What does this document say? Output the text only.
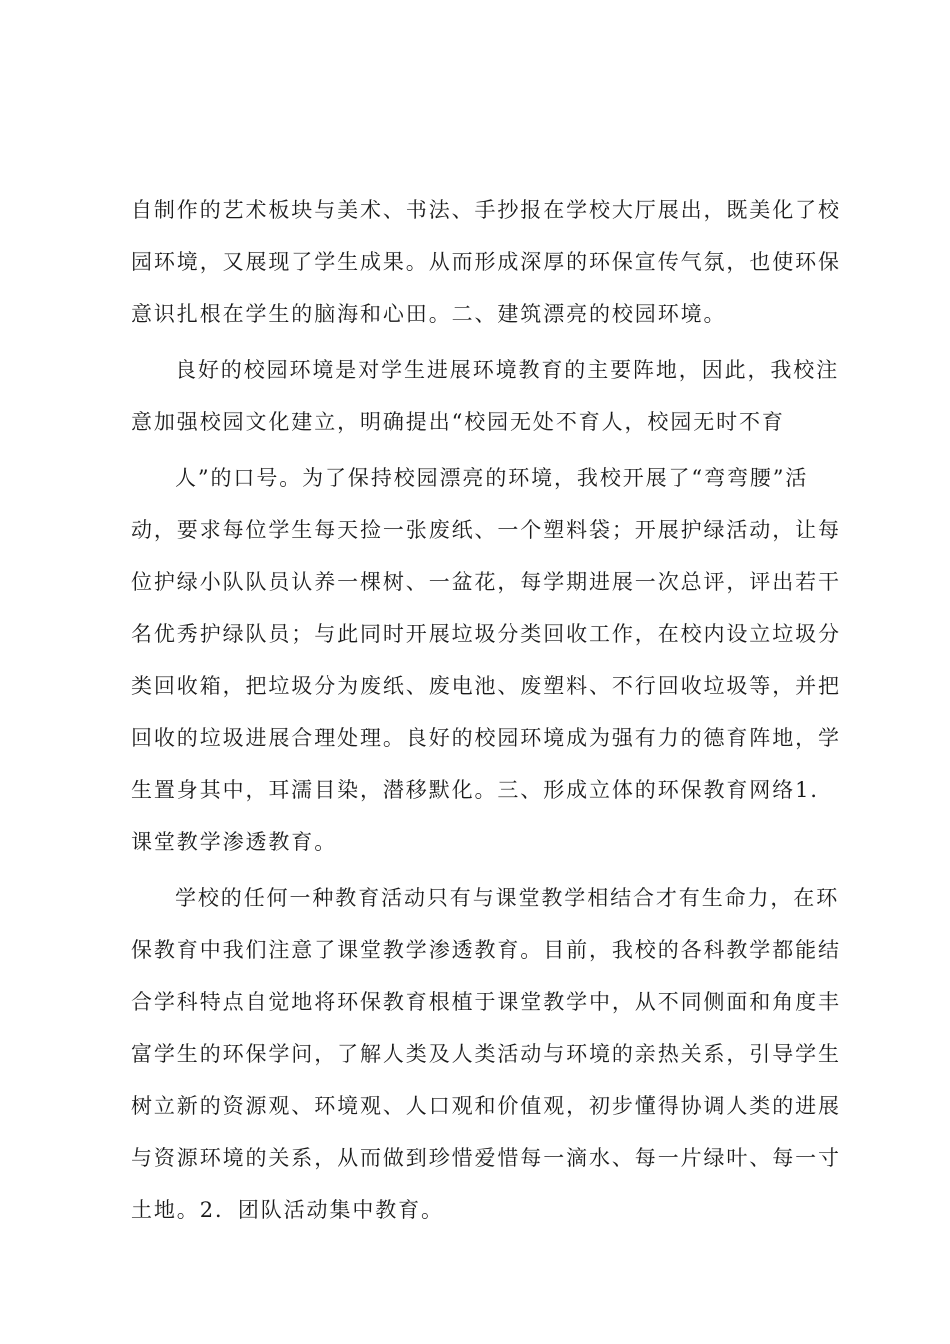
自制作的艺术板块与美术、书法、手抄报在学校大厅展出，既美化了校
园环境，又展现了学生成果。从而形成深厚的环保宣传气氛，也使环保
意识扎根在学生的脑海和心田。二、建筑漂亮的校园环境。
良好的校园环境是对学生进展环境教育的主要阵地，因此，我校注
意加强校园文化建立，明确提出“校园无处不育人，校园无时不育
人”的口号。为了保持校园漂亮的环境，我校开展了“弯弯腰”活
动，要求每位学生每天捡一张废纸、一个塑料袋；开展护绿活动，让每
位护绿小队队员认养一棵树、一盆花，每学期进展一次总评，评出若干
名优秀护绿队员；与此同时开展垃圾分类回收工作，在校内设立垃圾分
类回收箱，把垃圾分为废纸、废电池、废塑料、不行回收垃圾等，并把
回收的垃圾进展合理处理。良好的校园环境成为强有力的德育阵地，学
生置身其中，耳濡目染，潜移默化。三、形成立体的环保教育网络1．
课堂教学渗透教育。
学校的任何一种教育活动只有与课堂教学相结合才有生命力，在环
保教育中我们注意了课堂教学渗透教育。目前，我校的各科教学都能结
合学科特点自觉地将环保教育根植于课堂教学中，从不同侧面和角度丰
富学生的环保学问，了解人类及人类活动与环境的亲热关系，引导学生
树立新的资源观、环境观、人口观和价值观，初步懂得协调人类的进展
与资源环境的关系，从而做到珍惜爱惜每一滴水、每一片绿叶、每一寸
土地。2．团队活动集中教育。
